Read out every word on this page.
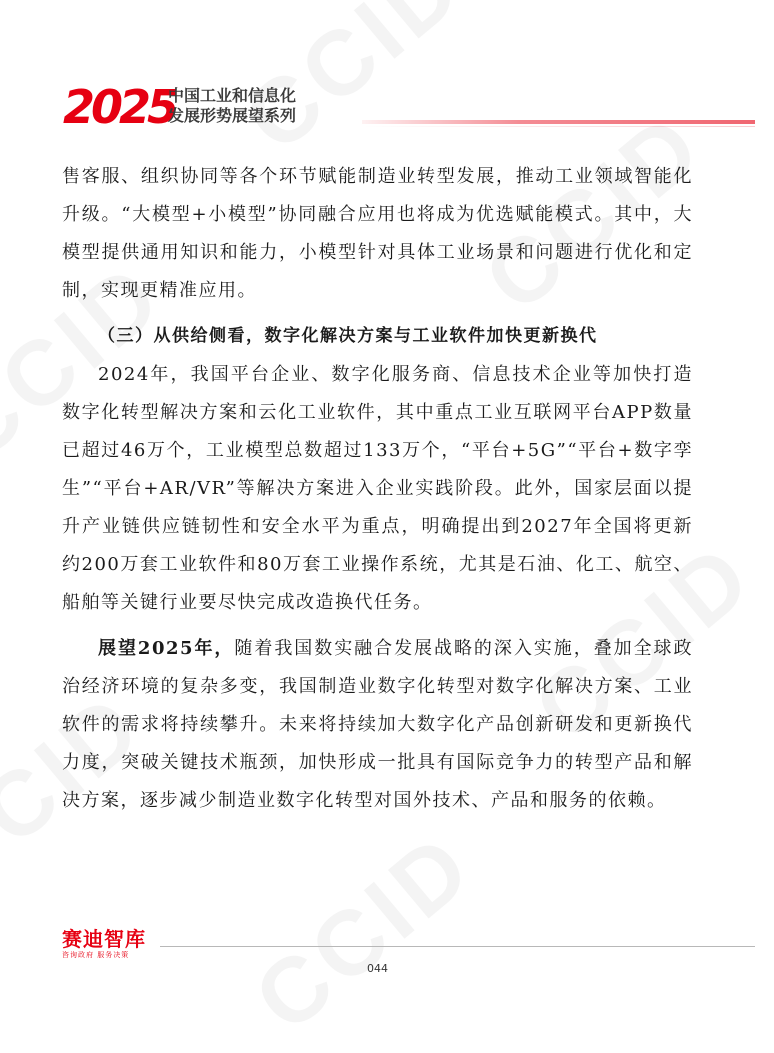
2025
中国工业和信息化
发展形势展望系列

售客服、组织协同等各个环节赋能制造业转型发展，推动工业领域智能化升级。“大模型+小模型”协同融合应用也将成为优选赋能模式。其中，大模型提供通用知识和能力，小模型针对具体工业场景和问题进行优化和定制，实现更精准应用。

（三）从供给侧看，数字化解决方案与工业软件加快更新换代

2024年，我国平台企业、数字化服务商、信息技术企业等加快打造数字化转型解决方案和云化工业软件，其中重点工业互联网平台APP数量已超过46万个，工业模型总数超过133万个，“平台+5G”“平台+数字孪生”“平台+AR/VR”等解决方案进入企业实践阶段。此外，国家层面以提升产业链供应链韧性和安全水平为重点，明确提出到2027年全国将更新约200万套工业软件和80万套工业操作系统，尤其是石油、化工、航空、船舶等关键行业要尽快完成改造换代任务。

展望2025年，随着我国数实融合发展战略的深入实施，叠加全球政治经济环境的复杂多变，我国制造业数字化转型对数字化解决方案、工业软件的需求将持续攀升。未来将持续加大数字化产品创新研发和更新换代力度，突破关键技术瓶颈，加快形成一批具有国际竞争力的转型产品和解决方案，逐步减少制造业数字化转型对国外技术、产品和服务的依赖。

赛迪智库
咨询政府 服务决策
044
